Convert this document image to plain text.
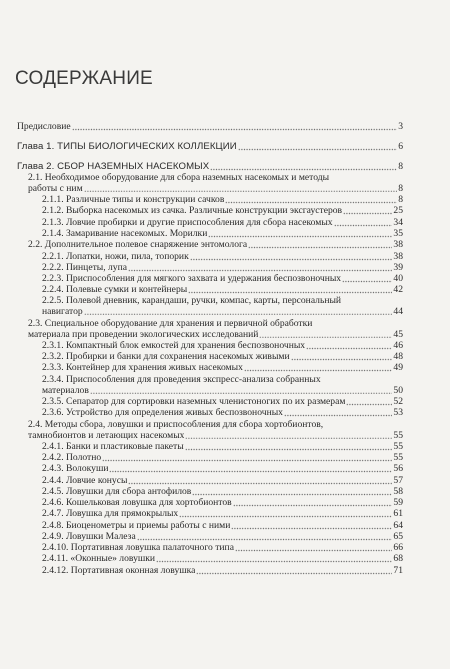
СОДЕРЖАНИЕ
Предисловие	3
Глава 1. ТИПЫ БИОЛОГИЧЕСКИХ КОЛЛЕКЦИЙ	6
Глава 2. СБОР НАЗЕМНЫХ НАСЕКОМЫХ	8
2.1. Необходимое оборудование для сбора наземных насекомых и методы
работы с ним	8
2.1.1. Различные типы и конструкции сачков	8
2.1.2. Выборка насекомых из сачка. Различные конструкции эксгаустеров	25
2.1.3. Ловчие пробирки и другие приспособления для сбора насекомых	34
2.1.4. Замаривание насекомых. Морилки	35
2.2. Дополнительное полевое снаряжение энтомолога	38
2.2.1. Лопатки, ножи, пила, топорик	38
2.2.2. Пинцеты, лупа	39
2.2.3. Приспособления для мягкого захвата и удержания беспозвоночных	40
2.2.4. Полевые сумки и контейнеры	42
2.2.5. Полевой дневник, карандаши, ручки, компас, карты, персональный
навигатор	44
2.3. Специальное оборудование для хранения и первичной обработки
материала при проведении экологических исследований	45
2.3.1. Компактный блок емкостей для хранения беспозвоночных	46
2.3.2. Пробирки и банки для сохранения насекомых живыми	48
2.3.3. Контейнер для хранения живых насекомых	49
2.3.4. Приспособления для проведения экспресс-анализа собранных
материалов	50
2.3.5. Сепаратор для сортировки наземных членистоногих по их размерам	52
2.3.6. Устройство для определения живых беспозвоночных	53
2.4. Методы сбора, ловушки и приспособления для сбора хортобионтов,
тамнобионтов и летающих насекомых	55
2.4.1. Банки и пластиковые пакеты	55
2.4.2. Полотно	55
2.4.3. Волокуши	56
2.4.4. Ловчие конусы	57
2.4.5. Ловушки для сбора антофилов	58
2.4.6. Кошельковая ловушка для хортобионтов	59
2.4.7. Ловушка для прямокрылых	61
2.4.8. Биоценометры и приемы работы с ними	64
2.4.9. Ловушки Малеза	65
2.4.10. Портативная ловушка палаточного типа	66
2.4.11. «Оконные» ловушки	68
2.4.12. Портативная оконная ловушка	71
